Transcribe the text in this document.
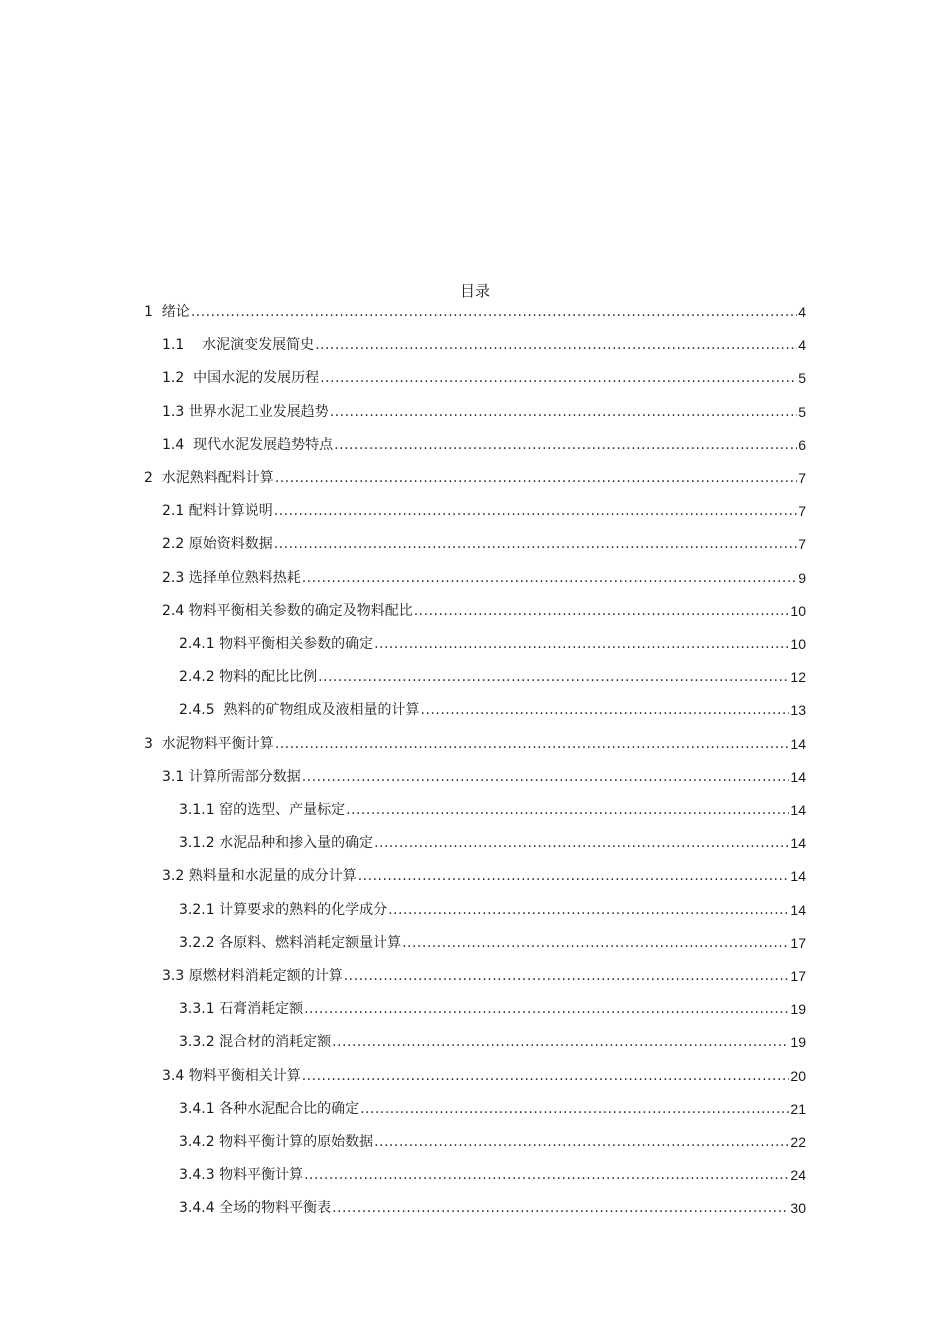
目录
1  绪论 .....	4
1.1    水泥演变发展简史 .....	4
1.2  中国水泥的发展历程 .....	5
1.3 世界水泥工业发展趋势 .....	5
1.4  现代水泥发展趋势特点 .....	6
2  水泥熟料配料计算 .....	7
2.1 配料计算说明 .....	7
2.2 原始资料数据 .....	7
2.3 选择单位熟料热耗 .....	9
2.4 物料平衡相关参数的确定及物料配比 .....	10
2.4.1 物料平衡相关参数的确定 .....	10
2.4.2 物料的配比比例 .....	12
2.4.5  熟料的矿物组成及液相量的计算 .....	13
3  水泥物料平衡计算 .....	14
3.1 计算所需部分数据 .....	14
3.1.1 窑的选型、产量标定 .....	14
3.1.2 水泥品种和掺入量的确定 .....	14
3.2 熟料量和水泥量的成分计算 .....	14
3.2.1 计算要求的熟料的化学成分 .....	14
3.2.2 各原料、燃料消耗定额量计算 .....	17
3.3 原燃材料消耗定额的计算 .....	17
3.3.1 石膏消耗定额 .....	19
3.3.2 混合材的消耗定额 .....	19
3.4 物料平衡相关计算 .....	20
3.4.1 各种水泥配合比的确定 .....	21
3.4.2 物料平衡计算的原始数据 .....	22
3.4.3 物料平衡计算 .....	24
3.4.4 全场的物料平衡表 .....	30
